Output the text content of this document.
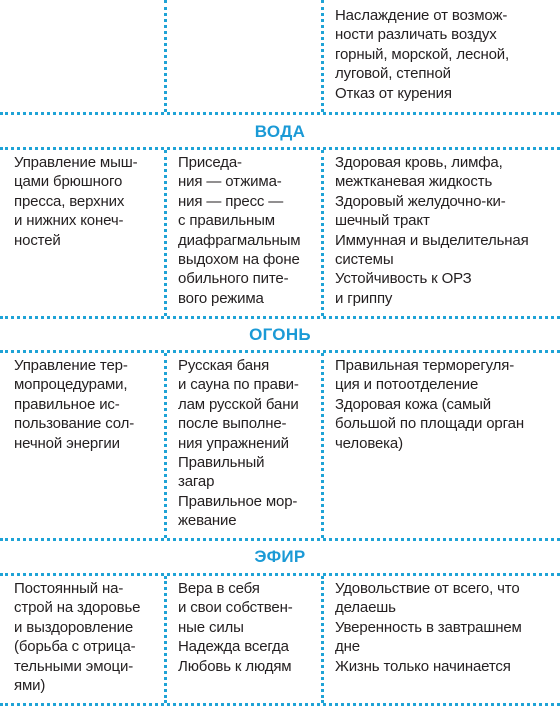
Наслаждение от возмож-
ности различать воздух
горный, морской, лесной,
луговой, степной
Отказ от курения
ВОДА
Управление мыш-
цами брюшного
пресса, верхних
и нижних конеч-
ностей
Приседа-
ния — отжима-
ния — пресс —
с правильным
диафрагмальным
выдохом на фоне
обильного пите-
вого режима
Здоровая кровь, лимфа,
межтканевая жидкость
Здоровый желудочно-ки-
шечный тракт
Иммунная и выделительная
системы
Устойчивость к ОРЗ
и гриппу
ОГОНЬ
Управление тер-
мопроцедурами,
правильное ис-
пользование сол-
нечной энергии
Русская баня
и сауна по прави-
лам русской бани
после выполне-
ния упражнений
Правильный
загар
Правильное мор-
жевание
Правильная терморегуля-
ция и потоотделение
Здоровая кожа (самый
большой по площади орган
человека)
ЭФИР
Постоянный на-
строй на здоровье
и выздоровление
(борьба с отрица-
тельными эмоци-
ями)
Вера в себя
и свои собствен-
ные силы
Надежда всегда
Любовь к людям
Удовольствие от всего, что
делаешь
Уверенность в завтрашнем
дне
Жизнь только начинается
